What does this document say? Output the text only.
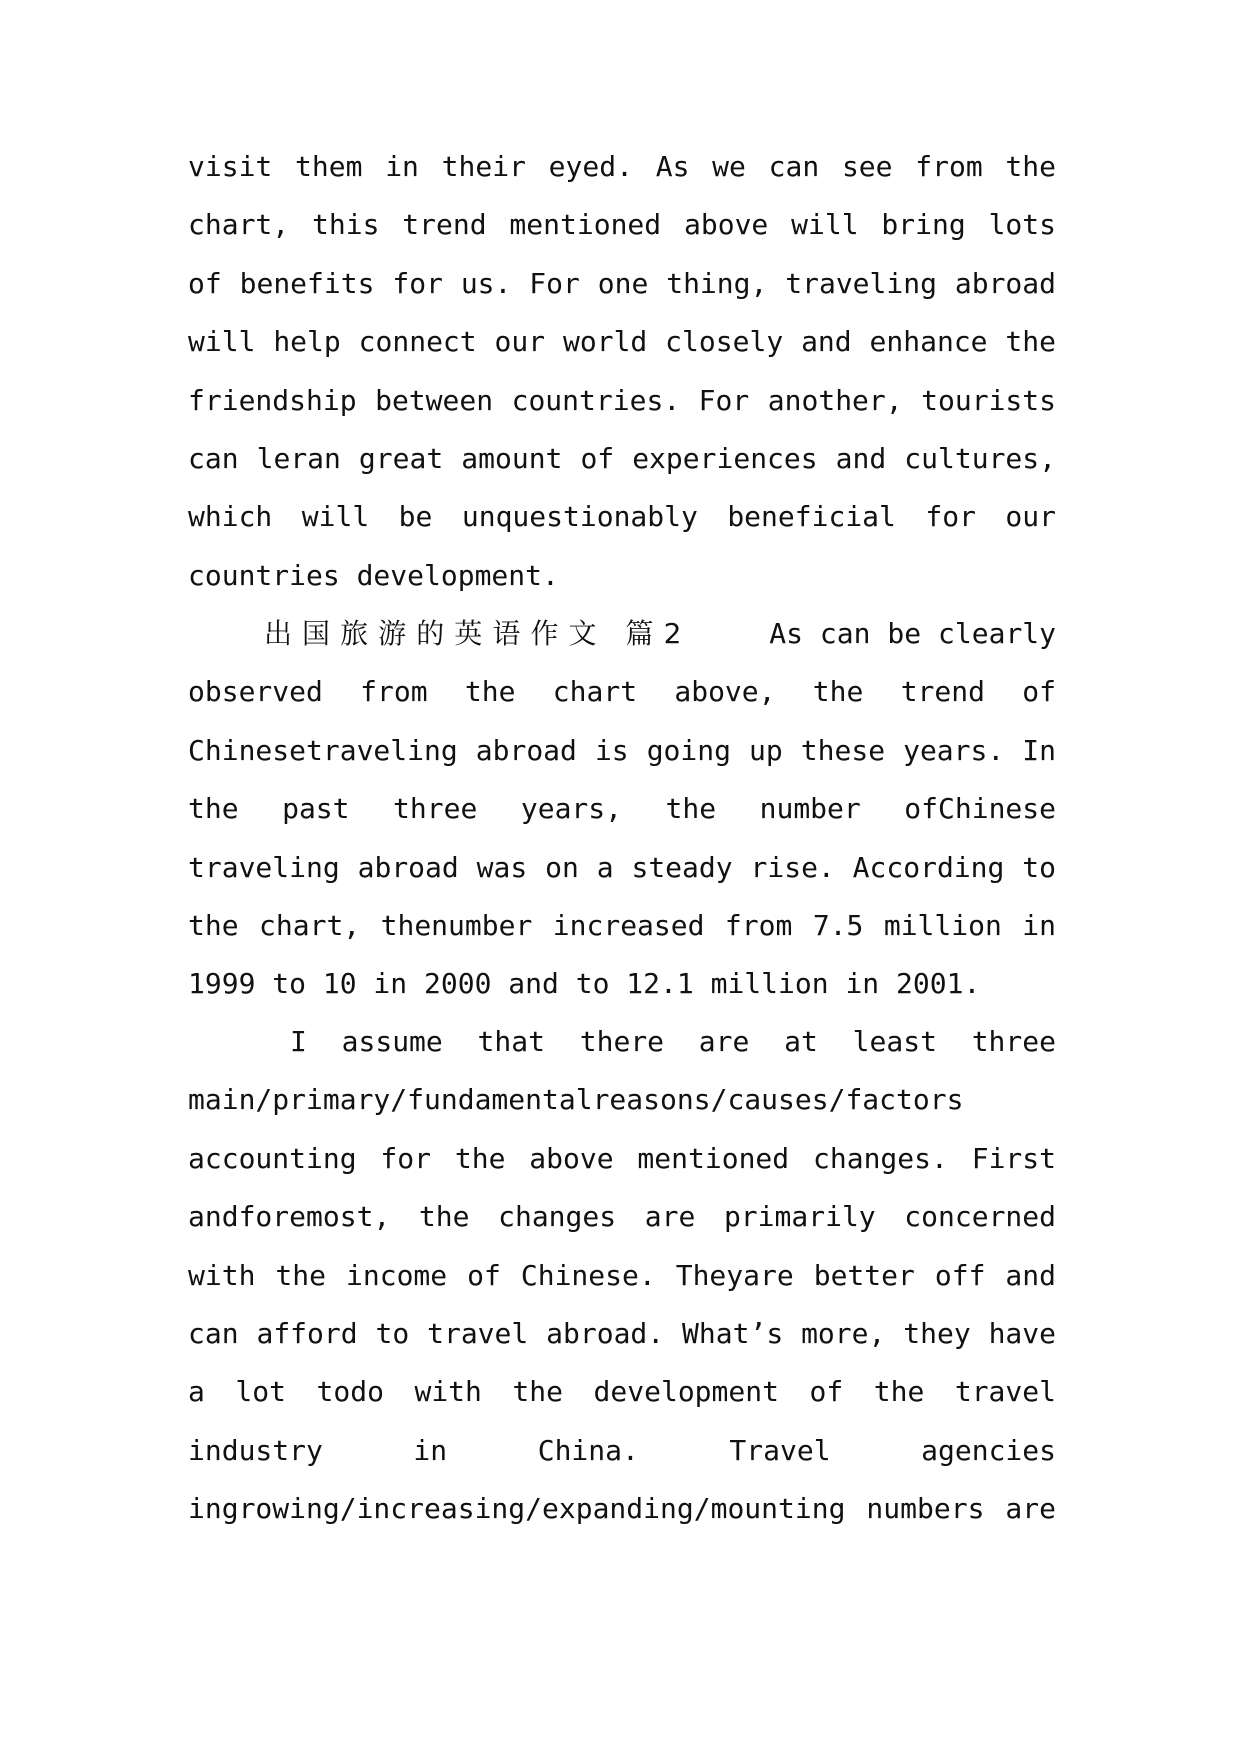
visit them in their eyed. As we can see from the
chart, this trend mentioned above will bring lots
of benefits for us. For one thing, traveling abroad
will help connect our world closely and enhance the
friendship between countries. For another, tourists
can leran great amount of experiences and cultures,
which will be unquestionably beneficial for our
countries development.
出国旅游的英语作文 篇2	As can be clearly
observed from the chart above, the trend of
Chinesetraveling abroad is going up these years. In
the past three years, the number ofChinese
traveling abroad was on a steady rise. According to
the chart, thenumber increased from 7.5 million in
1999 to 10 in 2000 and to 12.1 million in 2001.
I assume that there are at least three
main/primary/fundamentalreasons/causes/factors
accounting for the above mentioned changes. First
andforemost, the changes are primarily concerned
with the income of Chinese. Theyare better off and
can afford to travel abroad. What’s more, they have
a lot todo with the development of the travel
industry in China. Travel agencies
ingrowing/increasing/expanding/mounting numbers are
